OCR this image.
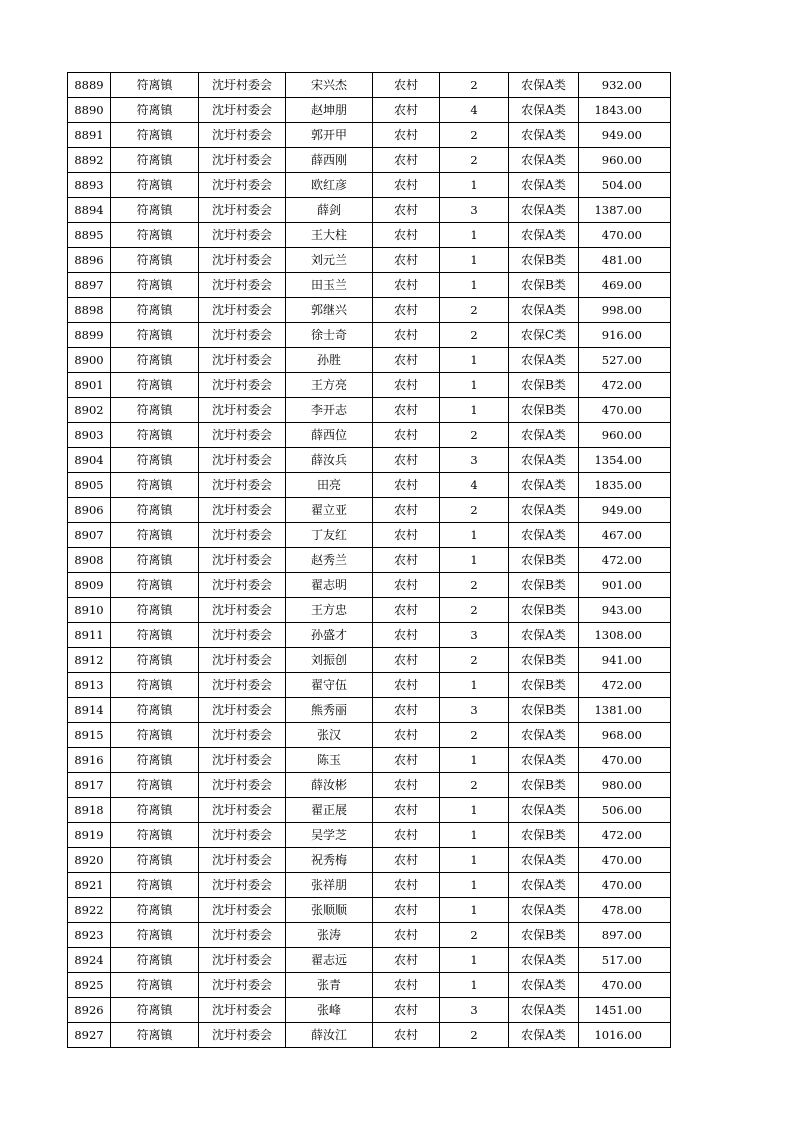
8889	符离镇	沈圩村委会	宋兴杰	农村	2	农保A类	932.00
8890	符离镇	沈圩村委会	赵坤朋	农村	4	农保A类	1843.00
8891	符离镇	沈圩村委会	郭开甲	农村	2	农保A类	949.00
8892	符离镇	沈圩村委会	薛西刚	农村	2	农保A类	960.00
8893	符离镇	沈圩村委会	欧红彦	农村	1	农保A类	504.00
8894	符离镇	沈圩村委会	薛剑	农村	3	农保A类	1387.00
8895	符离镇	沈圩村委会	王大柱	农村	1	农保A类	470.00
8896	符离镇	沈圩村委会	刘元兰	农村	1	农保B类	481.00
8897	符离镇	沈圩村委会	田玉兰	农村	1	农保B类	469.00
8898	符离镇	沈圩村委会	郭继兴	农村	2	农保A类	998.00
8899	符离镇	沈圩村委会	徐士奇	农村	2	农保C类	916.00
8900	符离镇	沈圩村委会	孙胜	农村	1	农保A类	527.00
8901	符离镇	沈圩村委会	王方亮	农村	1	农保B类	472.00
8902	符离镇	沈圩村委会	李开志	农村	1	农保B类	470.00
8903	符离镇	沈圩村委会	薛西位	农村	2	农保A类	960.00
8904	符离镇	沈圩村委会	薛汝兵	农村	3	农保A类	1354.00
8905	符离镇	沈圩村委会	田亮	农村	4	农保A类	1835.00
8906	符离镇	沈圩村委会	翟立亚	农村	2	农保A类	949.00
8907	符离镇	沈圩村委会	丁友红	农村	1	农保A类	467.00
8908	符离镇	沈圩村委会	赵秀兰	农村	1	农保B类	472.00
8909	符离镇	沈圩村委会	翟志明	农村	2	农保B类	901.00
8910	符离镇	沈圩村委会	王方忠	农村	2	农保B类	943.00
8911	符离镇	沈圩村委会	孙盛才	农村	3	农保A类	1308.00
8912	符离镇	沈圩村委会	刘振创	农村	2	农保B类	941.00
8913	符离镇	沈圩村委会	翟守伍	农村	1	农保B类	472.00
8914	符离镇	沈圩村委会	熊秀丽	农村	3	农保B类	1381.00
8915	符离镇	沈圩村委会	张汉	农村	2	农保A类	968.00
8916	符离镇	沈圩村委会	陈玉	农村	1	农保A类	470.00
8917	符离镇	沈圩村委会	薛汝彬	农村	2	农保B类	980.00
8918	符离镇	沈圩村委会	翟正展	农村	1	农保A类	506.00
8919	符离镇	沈圩村委会	吴学芝	农村	1	农保B类	472.00
8920	符离镇	沈圩村委会	祝秀梅	农村	1	农保A类	470.00
8921	符离镇	沈圩村委会	张祥朋	农村	1	农保A类	470.00
8922	符离镇	沈圩村委会	张顺顺	农村	1	农保A类	478.00
8923	符离镇	沈圩村委会	张涛	农村	2	农保B类	897.00
8924	符离镇	沈圩村委会	翟志远	农村	1	农保A类	517.00
8925	符离镇	沈圩村委会	张青	农村	1	农保A类	470.00
8926	符离镇	沈圩村委会	张峰	农村	3	农保A类	1451.00
8927	符离镇	沈圩村委会	薛汝江	农村	2	农保A类	1016.00
